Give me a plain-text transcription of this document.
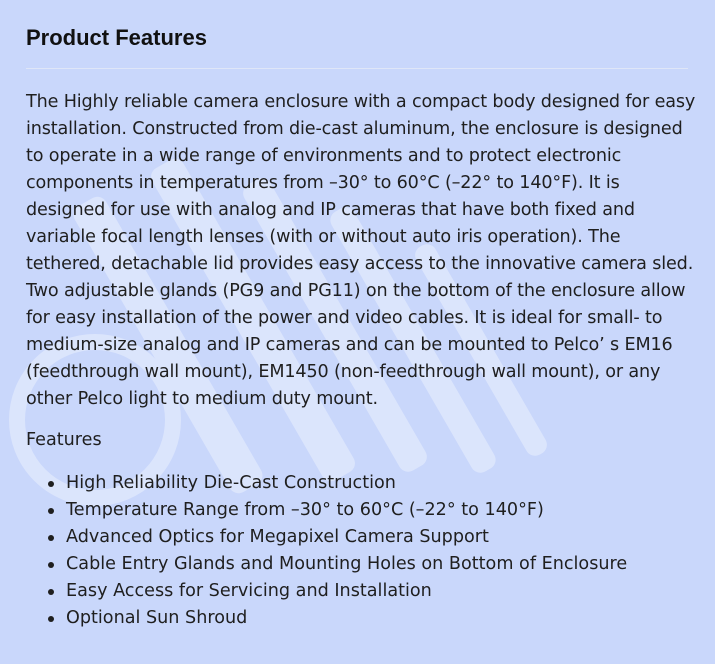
Product Features

The Highly reliable camera enclosure with a compact body designed for easy installation. Constructed from die-cast aluminum, the enclosure is designed to operate in a wide range of environments and to protect electronic components in temperatures from –30° to 60°C (–22° to 140°F). It is designed for use with analog and IP cameras that have both fixed and variable focal length lenses (with or without auto iris operation). The tethered, detachable lid provides easy access to the innovative camera sled. Two adjustable glands (PG9 and PG11) on the bottom of the enclosure allow for easy installation of the power and video cables. It is ideal for small- to medium-size analog and IP cameras and can be mounted to Pelco’ s EM16 (feedthrough wall mount), EM1450 (non-feedthrough wall mount), or any other Pelco light to medium duty mount.

Features

High Reliability Die-Cast Construction
Temperature Range from –30° to 60°C (–22° to 140°F)
Advanced Optics for Megapixel Camera Support
Cable Entry Glands and Mounting Holes on Bottom of Enclosure
Easy Access for Servicing and Installation
Optional Sun Shroud
